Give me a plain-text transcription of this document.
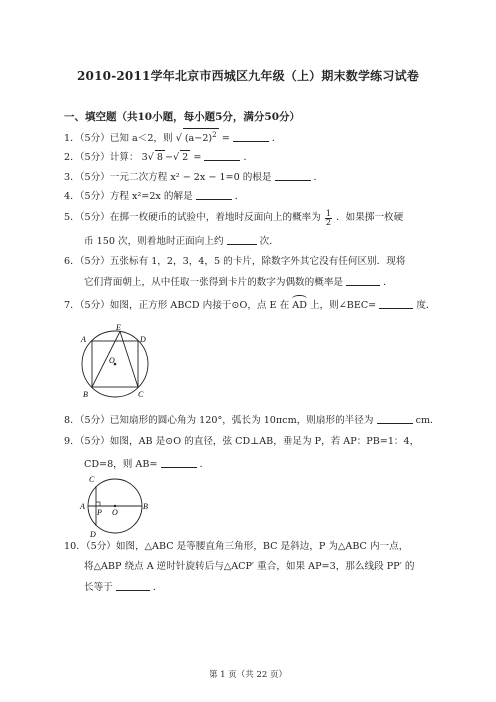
2010-2011学年北京市西城区九年级（上）期末数学练习试卷
一、填空题（共10小题，每小题5分，满分50分）
1．（5分）已知 a＜2，则 √ $(a-2)^2$ =	．
2．（5分）计算： 3√ 8 −√ 2 =	．
3．（5分）一元二次方程 x² − 2x − 1=0 的根是	．
4．（5分）方程 x²=2x 的解是	．
5．（5分）在掷一枚硬币的试验中，着地时反面向上的概率为 $\frac{1}{2}$ ．如果掷一枚硬
币 150 次，则着地时正面向上约	次．
6．（5分）五张标有 1，2，3，4，5 的卡片，除数字外其它没有任何区别．现将
它们背面朝上，从中任取一张得到卡片的数字为偶数的概率是	．
7．（5分）如图，正方形 ABCD 内接于⊙O，点 E 在 AD 上，则∠BEC=	度．
A
B	C
D
E
O
8．（5分）已知扇形的圆心角为 120°，弧长为 10πcm，则扇形的半径为	cm．
9．（5分）如图，AB 是⊙O 的直径，弦 CD⊥AB，垂足为 P，若 AP：PB=1：4，
CD=8，则 AB=	．
C
A
P O
B
D
10．（5分）如图，△ABC 是等腰直角三角形，BC 是斜边，P 为△ABC 内一点，
将△ABP 绕点 A 逆时针旋转后与△ACP′ 重合，如果 AP=3，那么线段 PP′ 的
长等于	．
第 1 页（共 22 页）
